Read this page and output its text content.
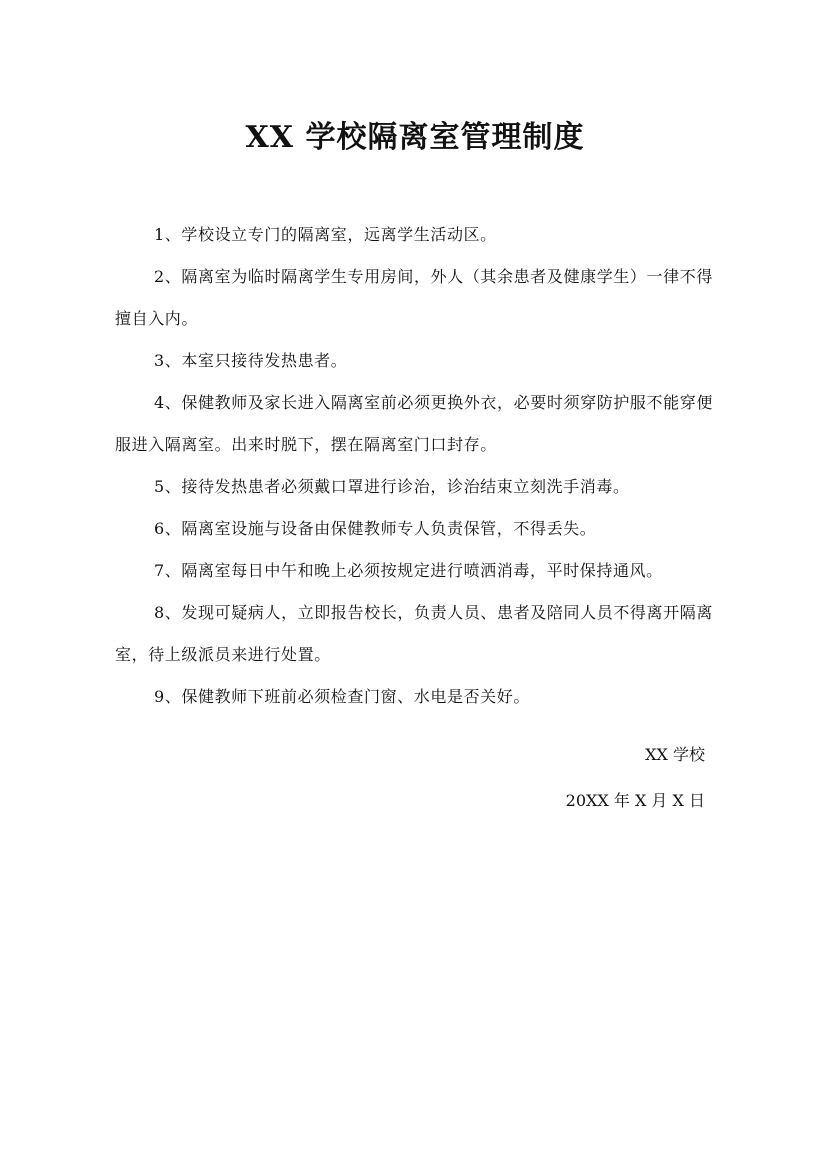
XX 学校隔离室管理制度

1、学校设立专门的隔离室，远离学生活动区。

2、隔离室为临时隔离学生专用房间，外人（其余患者及健康学生）一律不得擅自入内。

3、本室只接待发热患者。

4、保健教师及家长进入隔离室前必须更换外衣，必要时须穿防护服不能穿便服进入隔离室。出来时脱下，摆在隔离室门口封存。

5、接待发热患者必须戴口罩进行诊治，诊治结束立刻洗手消毒。

6、隔离室设施与设备由保健教师专人负责保管，不得丢失。

7、隔离室每日中午和晚上必须按规定进行喷洒消毒，平时保持通风。

8、发现可疑病人，立即报告校长，负责人员、患者及陪同人员不得离开隔离室，待上级派员来进行处置。

9、保健教师下班前必须检查门窗、水电是否关好。

XX 学校
20XX 年 X 月 X 日
